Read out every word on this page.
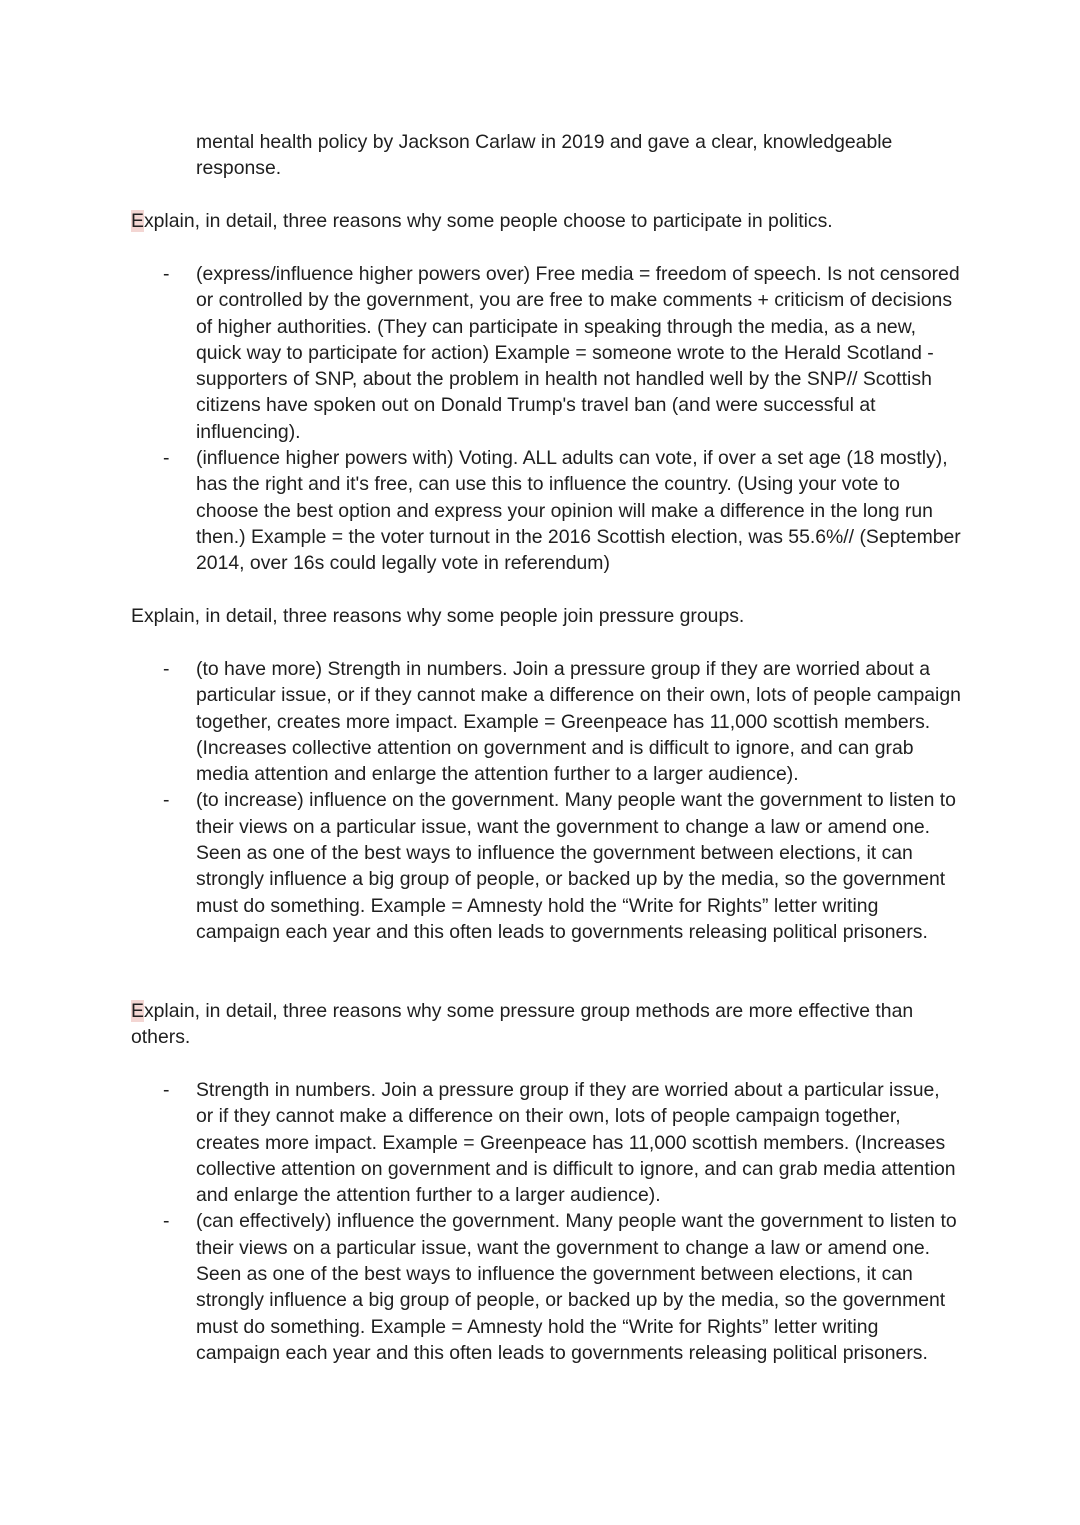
mental health policy by Jackson Carlaw in 2019 and gave a clear, knowledgeable response.

Explain, in detail, three reasons why some people choose to participate in politics.

- (express/influence higher powers over) Free media = freedom of speech. Is not censored or controlled by the government, you are free to make comments + criticism of decisions of higher authorities. (They can participate in speaking through the media, as a new, quick way to participate for action) Example = someone wrote to the Herald Scotland - supporters of SNP, about the problem in health not handled well by the SNP// Scottish citizens have spoken out on Donald Trump's travel ban (and were successful at influencing).
- (influence higher powers with) Voting. ALL adults can vote, if over a set age (18 mostly), has the right and it's free, can use this to influence the country. (Using your vote to choose the best option and express your opinion will make a difference in the long run then.) Example = the voter turnout in the 2016 Scottish election, was 55.6%// (September 2014, over 16s could legally vote in referendum)

Explain, in detail, three reasons why some people join pressure groups.

- (to have more) Strength in numbers. Join a pressure group if they are worried about a particular issue, or if they cannot make a difference on their own, lots of people campaign together, creates more impact. Example = Greenpeace has 11,000 scottish members. (Increases collective attention on government and is difficult to ignore, and can grab media attention and enlarge the attention further to a larger audience).
- (to increase) influence on the government. Many people want the government to listen to their views on a particular issue, want the government to change a law or amend one. Seen as one of the best ways to influence the government between elections, it can strongly influence a big group of people, or backed up by the media, so the government must do something. Example = Amnesty hold the “Write for Rights” letter writing campaign each year and this often leads to governments releasing political prisoners.

Explain, in detail, three reasons why some pressure group methods are more effective than others.

- Strength in numbers. Join a pressure group if they are worried about a particular issue, or if they cannot make a difference on their own, lots of people campaign together, creates more impact. Example = Greenpeace has 11,000 scottish members. (Increases collective attention on government and is difficult to ignore, and can grab media attention and enlarge the attention further to a larger audience).
- (can effectively) influence the government. Many people want the government to listen to their views on a particular issue, want the government to change a law or amend one. Seen as one of the best ways to influence the government between elections, it can strongly influence a big group of people, or backed up by the media, so the government must do something. Example = Amnesty hold the “Write for Rights” letter writing campaign each year and this often leads to governments releasing political prisoners.
